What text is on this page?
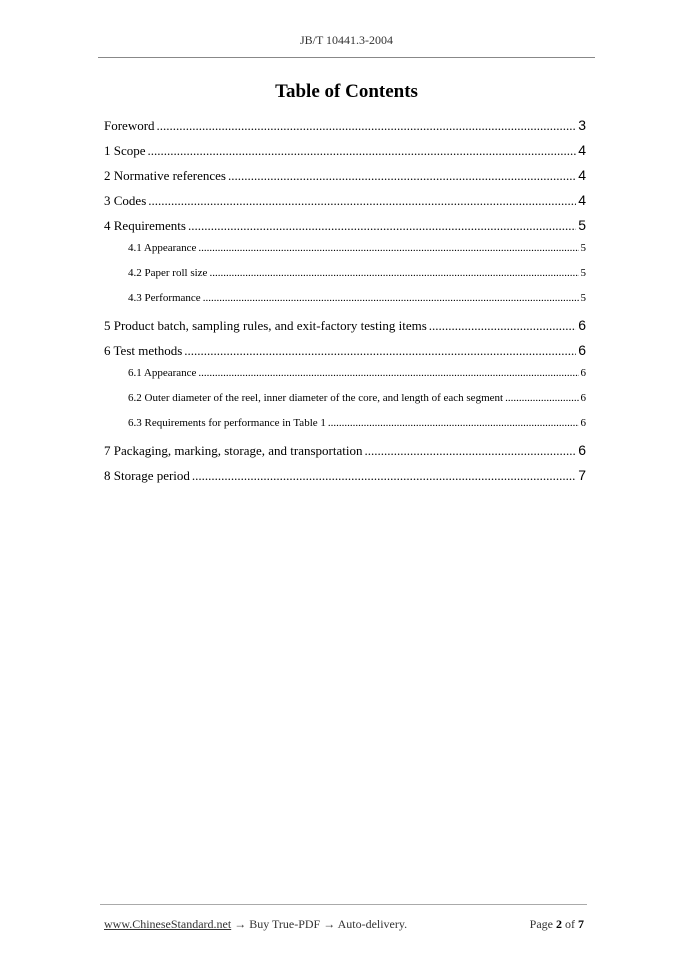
JB/T 10441.3-2004
Table of Contents
Foreword .....	3
1 Scope .....	4
2 Normative references .....	4
3 Codes .....	4
4 Requirements .....	5
4.1 Appearance .....	5
4.2 Paper roll size .....	5
4.3 Performance .....	5
5 Product batch, sampling rules, and exit-factory testing items .....	6
6 Test methods .....	6
6.1 Appearance .....	6
6.2 Outer diameter of the reel, inner diameter of the core, and length of each segment .....	6
6.3 Requirements for performance in Table 1 .....	6
7 Packaging, marking, storage, and transportation .....	6
8 Storage period .....	7
www.ChineseStandard.net → Buy True-PDF → Auto-delivery.	Page 2 of 7
